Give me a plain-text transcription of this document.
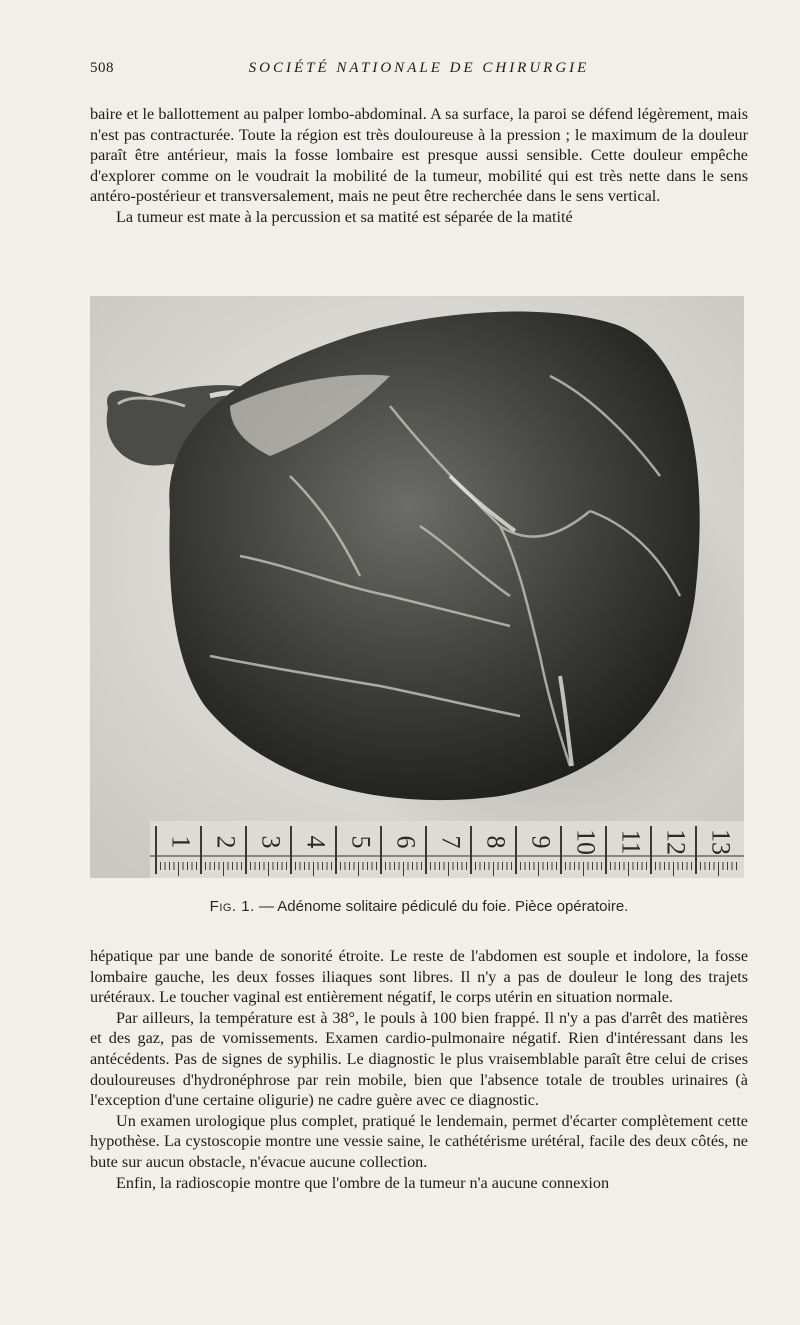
508	SOCIÉTÉ NATIONALE DE CHIRURGIE

baire et le ballottement au palper lombo-abdominal. A sa surface, la paroi se défend légèrement, mais n'est pas contracturée. Toute la région est très douloureuse à la pression ; le maximum de la douleur paraît être antérieur, mais la fosse lombaire est presque aussi sensible. Cette douleur empêche d'explorer comme on le voudrait la mobilité de la tumeur, mobilité qui est très nette dans le sens antéro-postérieur et transversalement, mais ne peut être recherchée dans le sens vertical.

La tumeur est mate à la percussion et sa matité est séparée de la matité

1 2 3 4 5 6 7 8 9 10 11 12 13
Fig. 1. — Adénome solitaire pédiculé du foie. Pièce opératoire.

hépatique par une bande de sonorité étroite. Le reste de l'abdomen est souple et indolore, la fosse lombaire gauche, les deux fosses iliaques sont libres. Il n'y a pas de douleur le long des trajets urétéraux. Le toucher vaginal est entièrement négatif, le corps utérin en situation normale.

Par ailleurs, la température est à 38°, le pouls à 100 bien frappé. Il n'y a pas d'arrêt des matières et des gaz, pas de vomissements. Examen cardio-pulmonaire négatif. Rien d'intéressant dans les antécédents. Pas de signes de syphilis. Le diagnostic le plus vraisemblable paraît être celui de crises douloureuses d'hydronéphrose par rein mobile, bien que l'absence totale de troubles urinaires (à l'exception d'une certaine oligurie) ne cadre guère avec ce diagnostic.

Un examen urologique plus complet, pratiqué le lendemain, permet d'écarter complètement cette hypothèse. La cystoscopie montre une vessie saine, le cathétérisme urétéral, facile des deux côtés, ne bute sur aucun obstacle, n'évacue aucune collection.

Enfin, la radioscopie montre que l'ombre de la tumeur n'a aucune connexion
